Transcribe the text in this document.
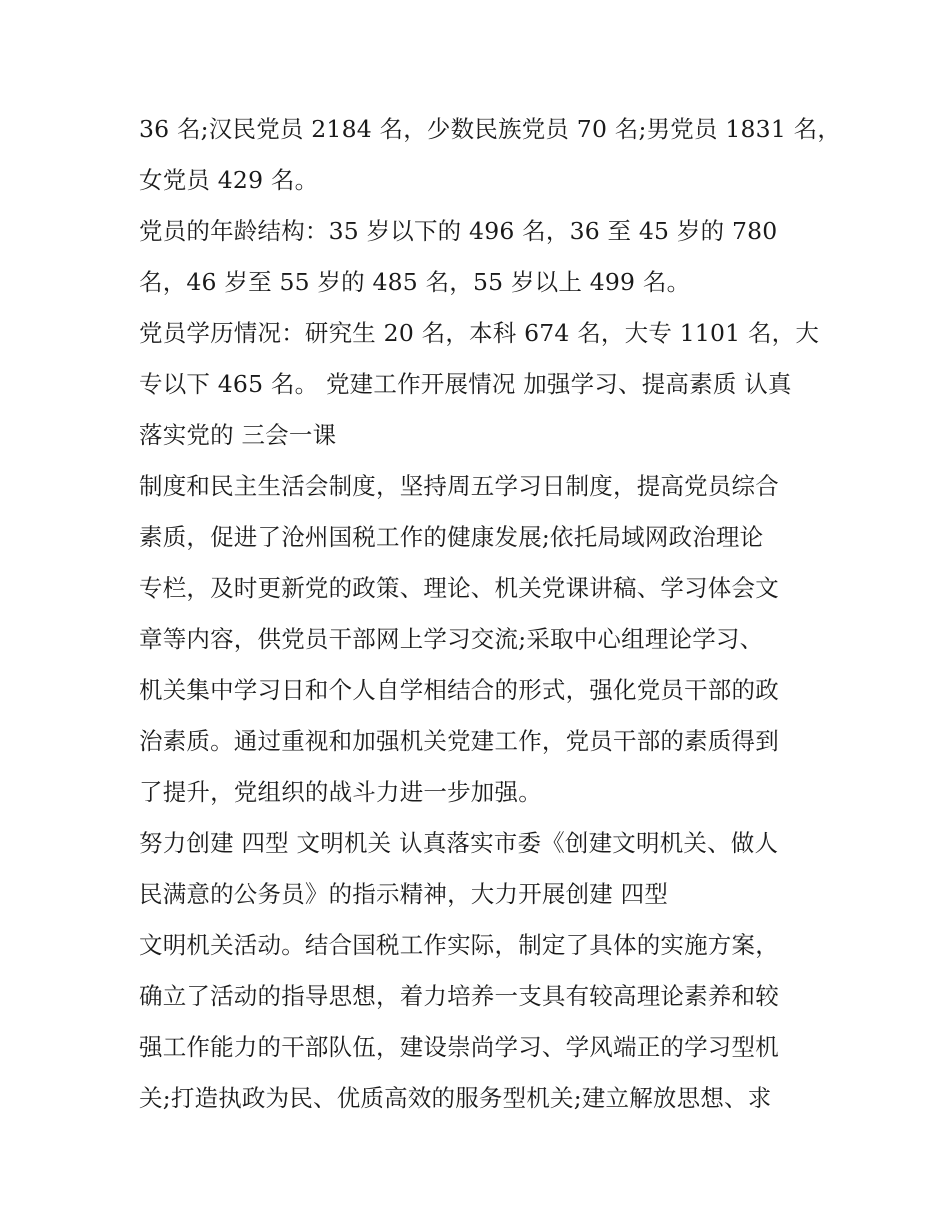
36 名;汉民党员 2184 名，少数民族党员 70 名;男党员 1831 名，
女党员 429 名。
党员的年龄结构：35 岁以下的 496 名，36 至 45 岁的 780
名，46 岁至 55 岁的 485 名，55 岁以上 499 名。
党员学历情况：研究生 20 名，本科 674 名，大专 1101 名，大
专以下 465 名。 党建工作开展情况 加强学习、提高素质 认真
落实党的 三会一课
制度和民主生活会制度，坚持周五学习日制度，提高党员综合
素质，促进了沧州国税工作的健康发展;依托局域网政治理论
专栏，及时更新党的政策、理论、机关党课讲稿、学习体会文
章等内容，供党员干部网上学习交流;采取中心组理论学习、
机关集中学习日和个人自学相结合的形式，强化党员干部的政
治素质。通过重视和加强机关党建工作，党员干部的素质得到
了提升，党组织的战斗力进一步加强。
努力创建 四型 文明机关 认真落实市委《创建文明机关、做人
民满意的公务员》的指示精神，大力开展创建 四型
文明机关活动。结合国税工作实际，制定了具体的实施方案，
确立了活动的指导思想，着力培养一支具有较高理论素养和较
强工作能力的干部队伍，建设崇尚学习、学风端正的学习型机
关;打造执政为民、优质高效的服务型机关;建立解放思想、求
